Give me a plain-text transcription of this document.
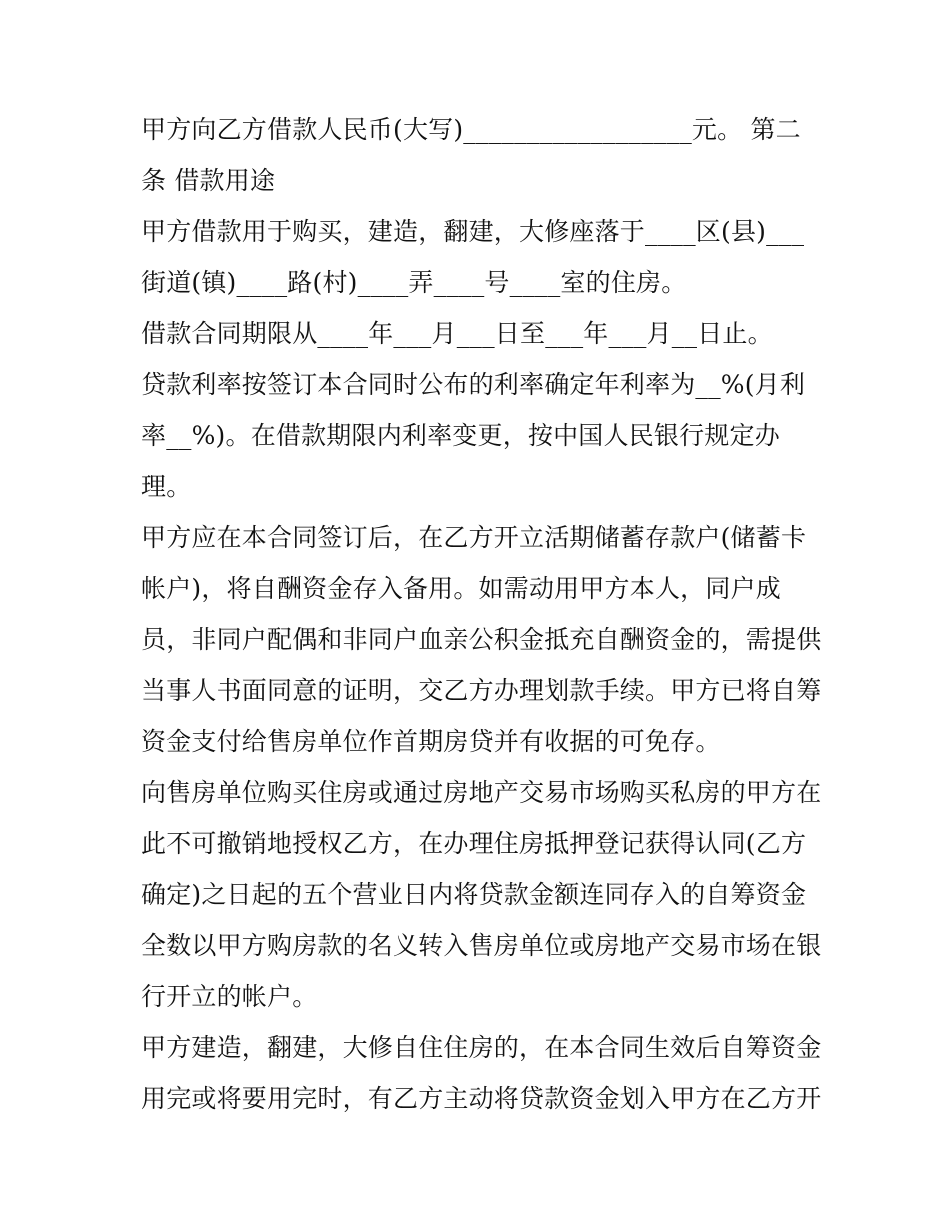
甲方向乙方借款人民币(大写)__________________元。 第二
条 借款用途
甲方借款用于购买，建造，翻建，大修座落于____区(县)___
街道(镇)____路(村)____弄____号____室的住房。
借款合同期限从____年___月___日至___年___月__日止。
贷款利率按签订本合同时公布的利率确定年利率为__%(月利
率__%)。在借款期限内利率变更，按中国人民银行规定办
理。
甲方应在本合同签订后，在乙方开立活期储蓄存款户(储蓄卡
帐户)，将自酬资金存入备用。如需动用甲方本人，同户成
员，非同户配偶和非同户血亲公积金抵充自酬资金的，需提供
当事人书面同意的证明，交乙方办理划款手续。甲方已将自筹
资金支付给售房单位作首期房贷并有收据的可免存。
向售房单位购买住房或通过房地产交易市场购买私房的甲方在
此不可撤销地授权乙方，在办理住房抵押登记获得认同(乙方
确定)之日起的五个营业日内将贷款金额连同存入的自筹资金
全数以甲方购房款的名义转入售房单位或房地产交易市场在银
行开立的帐户。
甲方建造，翻建，大修自住住房的，在本合同生效后自筹资金
用完或将要用完时，有乙方主动将贷款资金划入甲方在乙方开
